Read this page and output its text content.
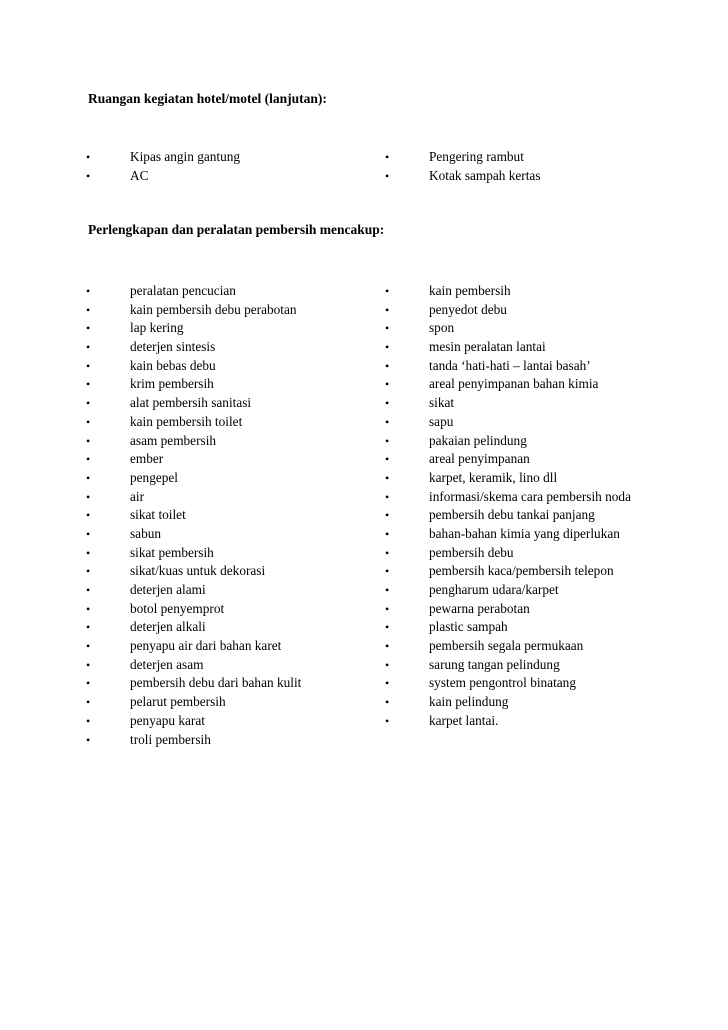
Ruangan kegiatan hotel/motel (lanjutan):
•	Kipas angin gantung
•	AC
•	Pengering rambut
•	Kotak sampah kertas
Perlengkapan dan peralatan pembersih mencakup:
•	peralatan pencucian
•	kain pembersih debu perabotan
•	lap kering
•	deterjen sintesis
•	kain bebas debu
•	krim pembersih
•	alat pembersih sanitasi
•	kain pembersih toilet
•	asam pembersih
•	ember
•	pengepel
•	air
•	sikat toilet
•	sabun
•	sikat pembersih
•	sikat/kuas untuk dekorasi
•	deterjen alami
•	botol penyemprot
•	deterjen alkali
•	penyapu air dari bahan karet
•	deterjen asam
•	pembersih debu dari bahan kulit
•	pelarut pembersih
•	penyapu karat
•	troli pembersih
•	kain pembersih
•	penyedot debu
•	spon
•	mesin peralatan lantai
•	tanda ‘hati-hati – lantai basah’
•	areal penyimpanan bahan kimia
•	sikat
•	sapu
•	pakaian pelindung
•	areal penyimpanan
•	karpet, keramik, lino dll
•	informasi/skema cara pembersih noda
•	pembersih debu tankai panjang
•	bahan-bahan kimia yang diperlukan
•	pembersih debu
•	pembersih kaca/pembersih telepon
•	pengharum udara/karpet
•	pewarna perabotan
•	plastic sampah
•	pembersih segala permukaan
•	sarung tangan pelindung
•	system pengontrol binatang
•	kain pelindung
•	karpet lantai.
